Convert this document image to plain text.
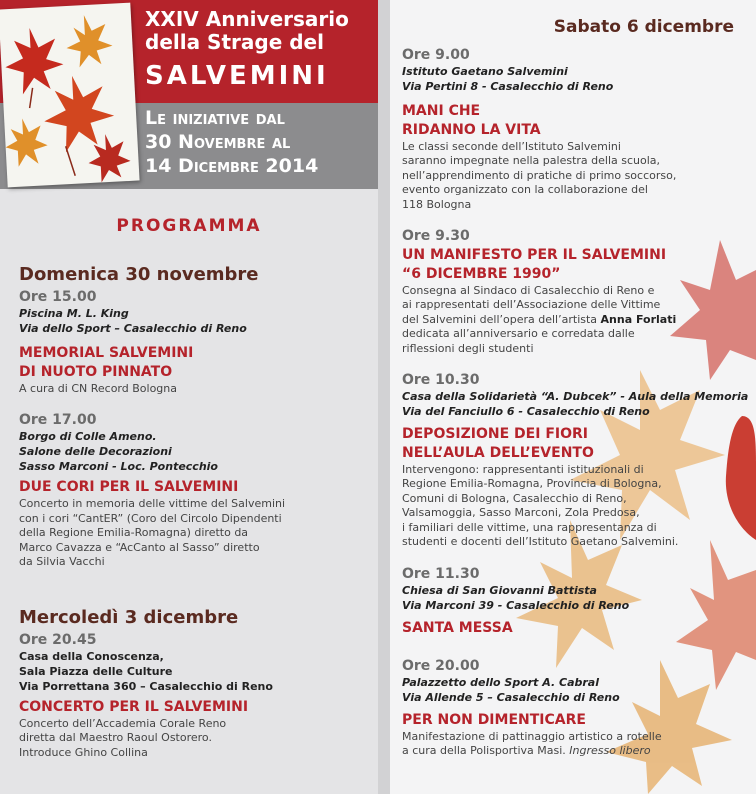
XXIV Anniversario
della Strage del
SALVEMINI
Le iniziative dal
30 Novembre al
14 Dicembre 2014
PROGRAMMA
Domenica 30 novembre
Ore 15.00
Piscina M. L. King
Via dello Sport – Casalecchio di Reno
MEMORIAL SALVEMINI
DI NUOTO PINNATO
A cura di CN Record Bologna
Ore 17.00
Borgo di Colle Ameno.
Salone delle Decorazioni
Sasso Marconi - Loc. Pontecchio
DUE CORI PER IL SALVEMINI
Concerto in memoria delle vittime del Salvemini
con i cori “CantER” (Coro del Circolo Dipendenti
della Regione Emilia-Romagna) diretto da
Marco Cavazza e “AcCanto al Sasso” diretto
da Silvia Vacchi
Mercoledì 3 dicembre
Ore 20.45
Casa della Conoscenza,
Sala Piazza delle Culture
Via Porrettana 360 – Casalecchio di Reno
CONCERTO PER IL SALVEMINI
Concerto dell’Accademia Corale Reno
diretta dal Maestro Raoul Ostorero.
Introduce Ghino Collina
Sabato 6 dicembre
Ore 9.00
Istituto Gaetano Salvemini
Via Pertini 8 - Casalecchio di Reno
MANI CHE
RIDANNO LA VITA
Le classi seconde dell’Istituto Salvemini
saranno impegnate nella palestra della scuola,
nell’apprendimento di pratiche di primo soccorso,
evento organizzato con la collaborazione del
118 Bologna
Ore 9.30
UN MANIFESTO PER IL SALVEMINI
“6 DICEMBRE 1990”
Consegna al Sindaco di Casalecchio di Reno e
ai rappresentati dell’Associazione delle Vittime
del Salvemini dell’opera dell’artista Anna Forlati
dedicata all’anniversario e corredata dalle
riflessioni degli studenti
Ore 10.30
Casa della Solidarietà “A. Dubcek” - Aula della Memoria
Via del Fanciullo 6 - Casalecchio di Reno
DEPOSIZIONE DEI FIORI
NELL’AULA DELL’EVENTO
Intervengono: rappresentanti istituzionali di
Regione Emilia-Romagna, Provincia di Bologna,
Comuni di Bologna, Casalecchio di Reno,
Valsamoggia, Sasso Marconi, Zola Predosa,
i familiari delle vittime, una rappresentanza di
studenti e docenti dell’Istituto Gaetano Salvemini.
Ore 11.30
Chiesa di San Giovanni Battista
Via Marconi 39 - Casalecchio di Reno
SANTA MESSA
Ore 20.00
Palazzetto dello Sport A. Cabral
Via Allende 5 – Casalecchio di Reno
PER NON DIMENTICARE
Manifestazione di pattinaggio artistico a rotelle
a cura della Polisportiva Masi. Ingresso libero
